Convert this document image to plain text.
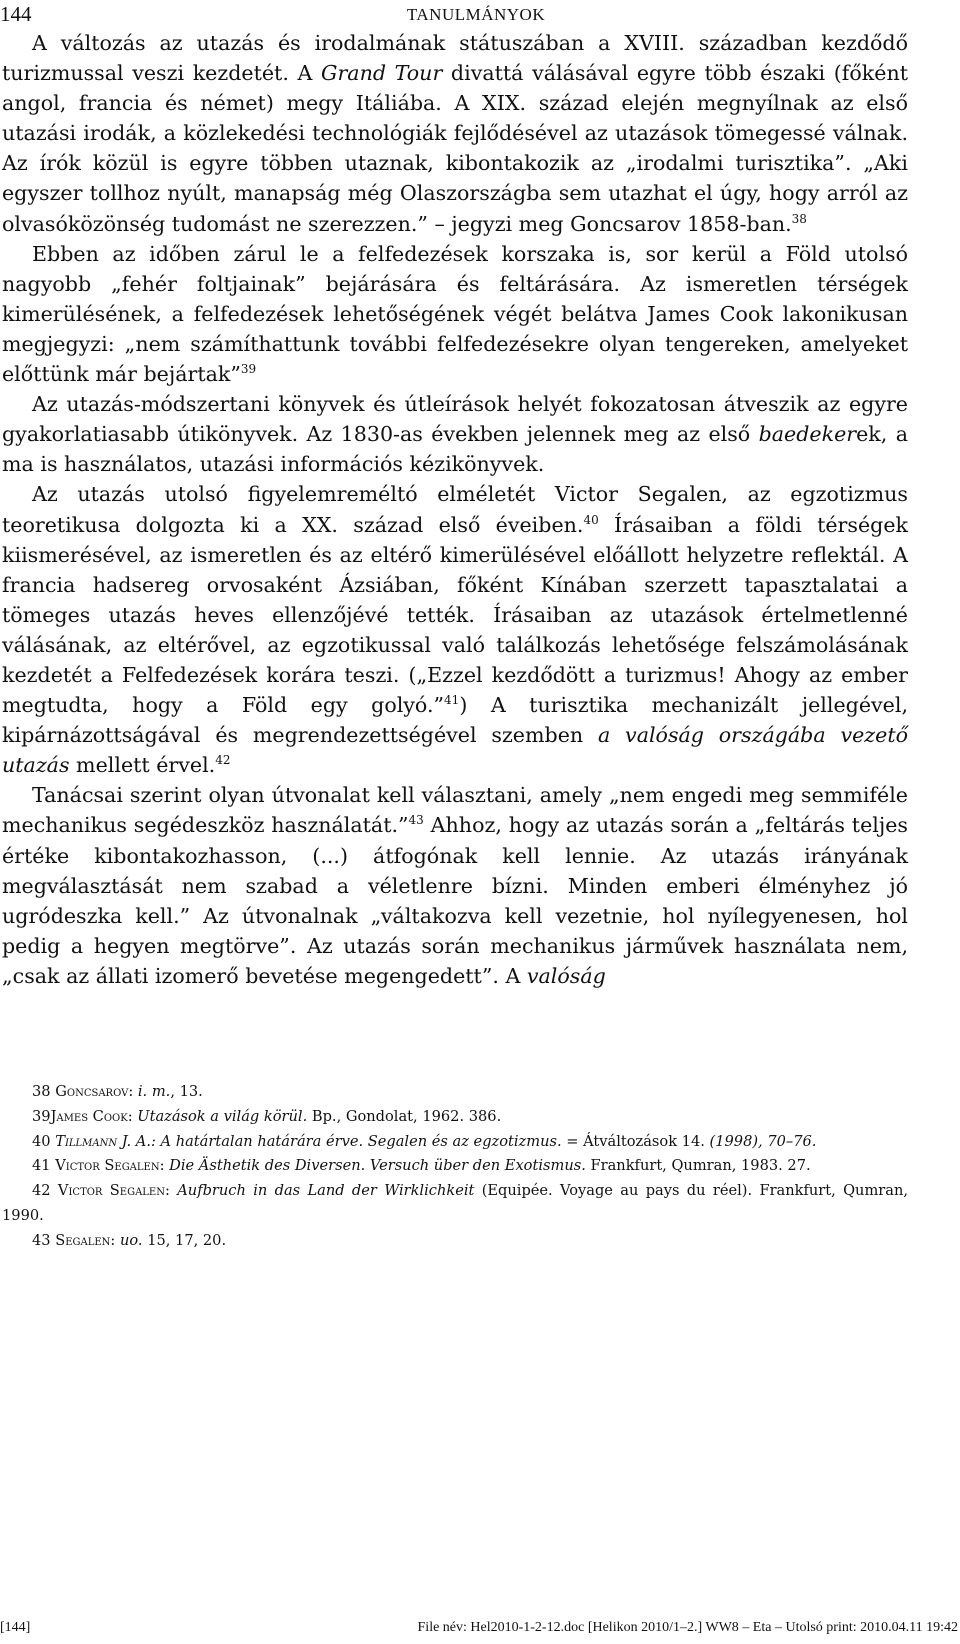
144	TANULMÁNYOK

A változás az utazás és irodalmának státuszában a XVIII. században kezdődő turizmussal veszi kezdetét. A Grand Tour divattá válásával egyre több északi (főként angol, francia és német) megy Itáliába. A XIX. század elején megnyílnak az első utazási irodák, a közlekedési technológiák fejlődésével az utazások tömegessé válnak. Az írók közül is egyre többen utaznak, kibontakozik az „irodalmi turisztika”. „Aki egyszer tollhoz nyúlt, manapság még Olaszországba sem utazhat el úgy, hogy arról az olvasóközönség tudomást ne szerezzen.” – jegyzi meg Goncsarov 1858-ban.$^{38}$

Ebben az időben zárul le a felfedezések korszaka is, sor kerül a Föld utolsó nagyobb „fehér foltjainak” bejárására és feltárására. Az ismeretlen térségek kimerülésének, a felfedezések lehetőségének végét belátva James Cook lakonikusan megjegyzi: „nem számíthattunk további felfedezésekre olyan tengereken, amelyeket előttünk már bejártak”$^{39}$

Az utazás-módszertani könyvek és útleírások helyét fokozatosan átveszik az egyre gyakorlatiasabb útikönyvek. Az 1830-as években jelennek meg az első baedekerek, a ma is használatos, utazási információs kézikönyvek.

Az utazás utolsó figyelemreméltó elméletét Victor Segalen, az egzotizmus teoretikusa dolgozta ki a XX. század első éveiben.$^{40}$ Írásaiban a földi térségek kiismerésével, az ismeretlen és az eltérő kimerülésével előállott helyzetre reflektál. A francia hadsereg orvosaként Ázsiában, főként Kínában szerzett tapasztalatai a tömeges utazás heves ellenzőjévé tették. Írásaiban az utazások értelmetlenné válásának, az eltérővel, az egzotikussal való találkozás lehetősége felszámolásának kezdetét a Felfedezések korára teszi. („Ezzel kezdődött a turizmus! Ahogy az ember megtudta, hogy a Föld egy golyó.”$^{41}$) A turisztika mechanizált jellegével, kipárnázottságával és megrendezettségével szemben a valóság országába vezető utazás mellett érvel.$^{42}$

Tanácsai szerint olyan útvonalat kell választani, amely „nem engedi meg semmiféle mechanikus segédeszköz használatát.”$^{43}$ Ahhoz, hogy az utazás során a „feltárás teljes értéke kibontakozhasson, (...) átfogónak kell lennie. Az utazás irányának megválasztását nem szabad a véletlenre bízni. Minden emberi élményhez jó ugródeszka kell.” Az útvonalnak „váltakozva kell vezetnie, hol nyílegyenesen, hol pedig a hegyen megtörve”. Az utazás során mechanikus járművek használata nem, „csak az állati izomerő bevetése megengedett”. A valóság

38 Goncsarov: i. m., 13.

39James Cook: Utazások a világ körül. Bp., Gondolat, 1962. 386.

40 Tillmann J. A.: A határtalan határára érve. Segalen és az egzotizmus. = Átváltozások 14. (1998), 70–76.

41 Victor Segalen: Die Ästhetik des Diversen. Versuch über den Exotismus. Frankfurt, Qumran, 1983. 27.

42 Victor Segalen: Aufbruch in das Land der Wirklichkeit (Equipée. Voyage au pays du réel). Frankfurt, Qumran, 1990.

43 Segalen: uo. 15, 17, 20.

[144]	File név: Hel2010-1-2-12.doc [Helikon 2010/1–2.] WW8 – Eta – Utolsó print: 2010.04.11 19:42
